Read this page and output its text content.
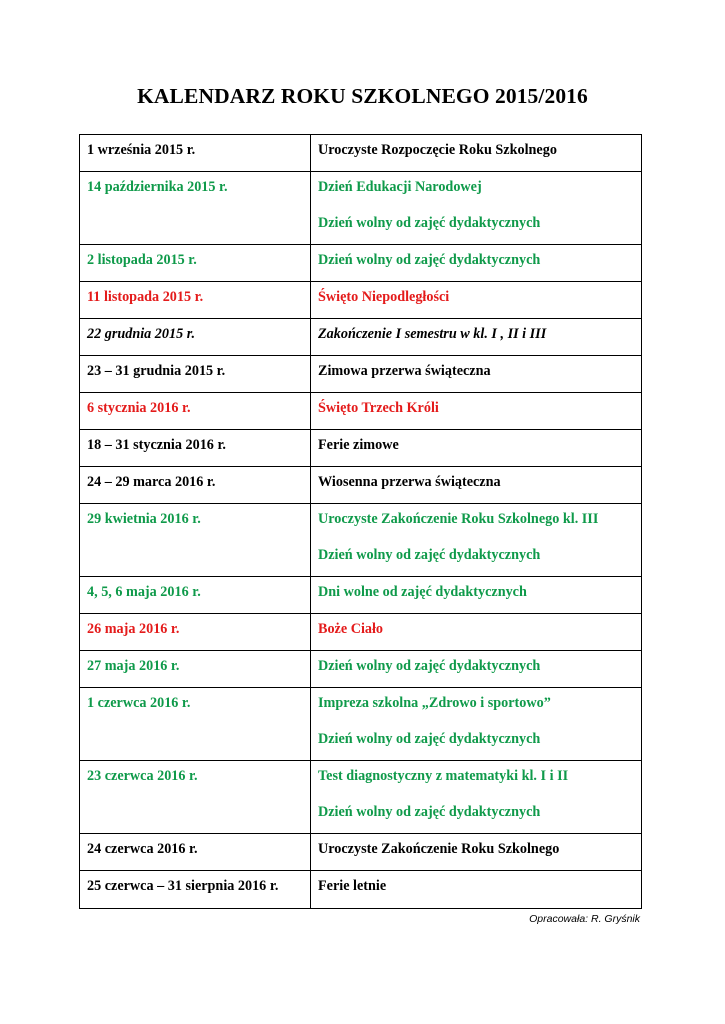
KALENDARZ ROKU SZKOLNEGO 2015/2016
1 września 2015 r.	Uroczyste Rozpoczęcie Roku Szkolnego

14 października 2015 r.	Dzień Edukacji Narodowej
Dzień wolny od zajęć dydaktycznych

2 listopada 2015 r.	Dzień wolny od zajęć dydaktycznych

11 listopada 2015 r.	Święto Niepodległości

22 grudnia 2015 r.	Zakończenie I semestru w kl. I , II i III

23 – 31 grudnia 2015 r.	Zimowa przerwa świąteczna

6 stycznia 2016 r.	Święto Trzech Króli

18 – 31 stycznia 2016 r.	Ferie zimowe

24 – 29 marca 2016 r.	Wiosenna przerwa świąteczna

29 kwietnia 2016 r.	Uroczyste Zakończenie Roku Szkolnego kl. III
Dzień wolny od zajęć dydaktycznych

4, 5, 6 maja 2016 r.	Dni wolne od zajęć dydaktycznych

26 maja 2016 r.	Boże Ciało

27 maja 2016 r.	Dzień wolny od zajęć dydaktycznych

1 czerwca 2016 r.	Impreza szkolna „Zdrowo i sportowo”
Dzień wolny od zajęć dydaktycznych

23 czerwca 2016 r.	Test diagnostyczny z matematyki kl. I i II
Dzień wolny od zajęć dydaktycznych

24 czerwca 2016 r.	Uroczyste Zakończenie Roku Szkolnego

25 czerwca – 31 sierpnia 2016 r.	Ferie letnie
Opracowała: R. Gryśnik
